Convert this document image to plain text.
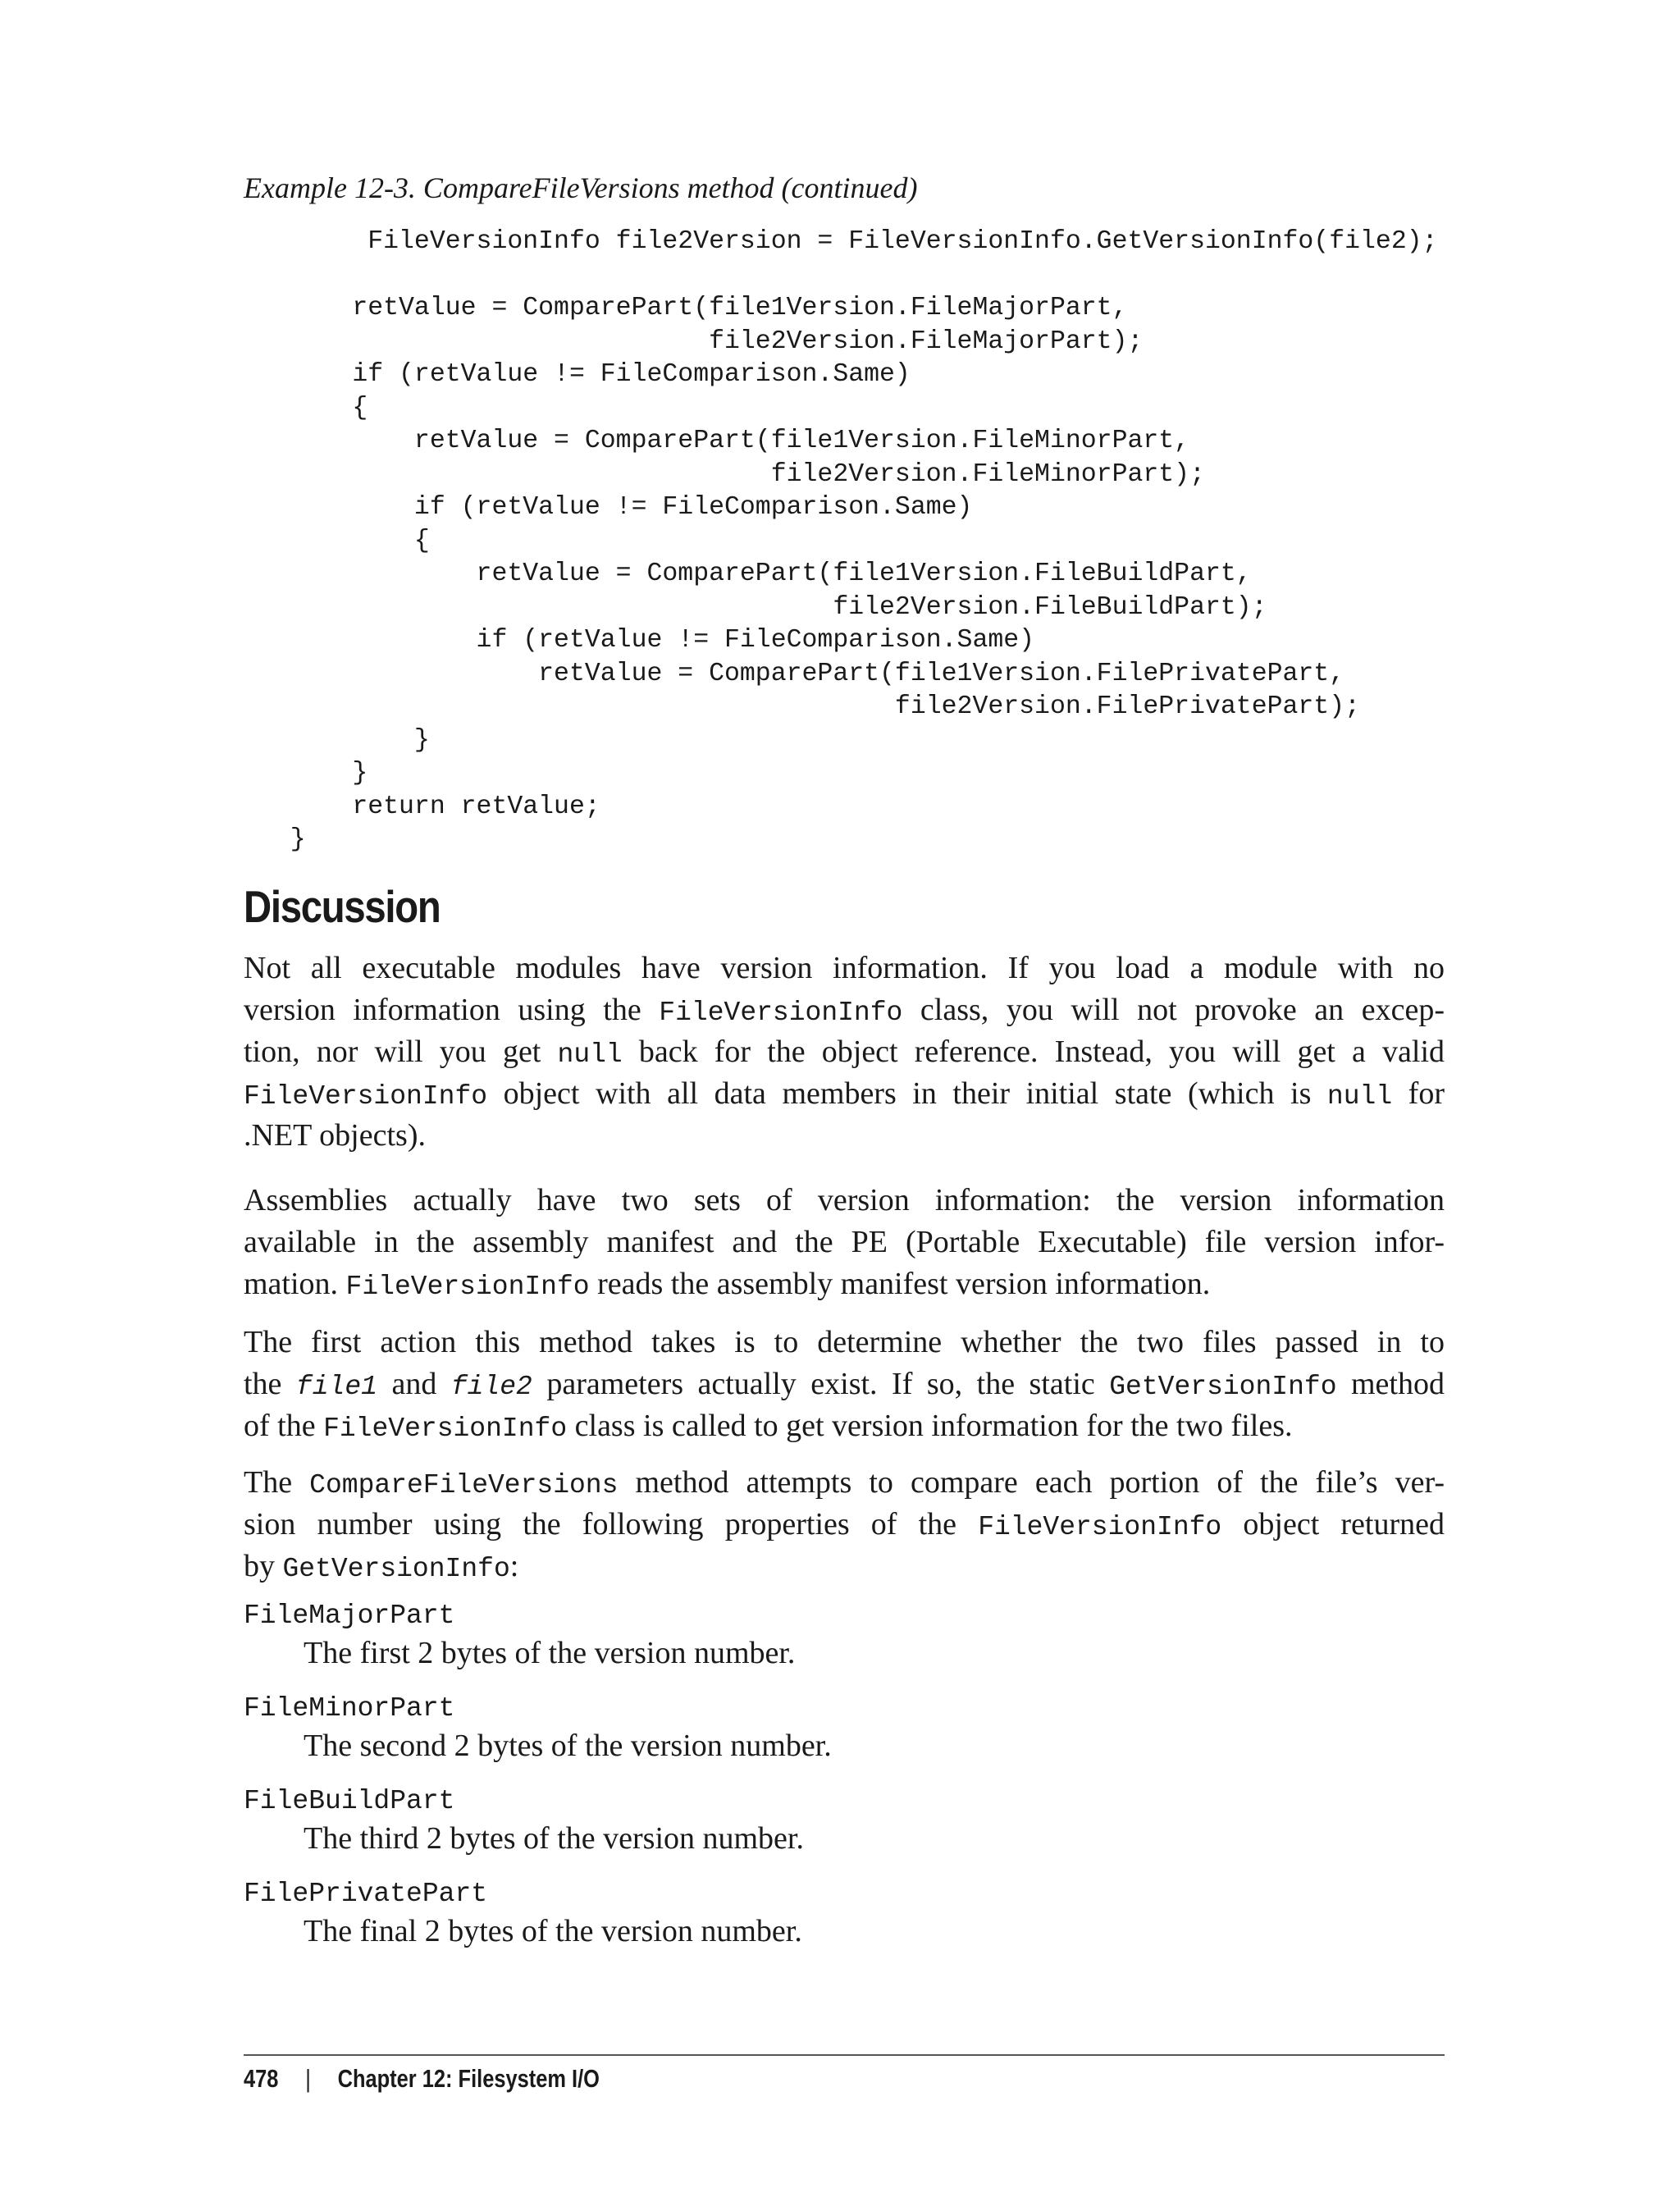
Example 12-3. CompareFileVersions method (continued)
FileVersionInfo file2Version = FileVersionInfo.GetVersionInfo(file2);
retValue = ComparePart(file1Version.FileMajorPart,
file2Version.FileMajorPart);
if (retValue != FileComparison.Same)
{
retValue = ComparePart(file1Version.FileMinorPart,
file2Version.FileMinorPart);
if (retValue != FileComparison.Same)
{
retValue = ComparePart(file1Version.FileBuildPart,
file2Version.FileBuildPart);
if (retValue != FileComparison.Same)
retValue = ComparePart(file1Version.FilePrivatePart,
file2Version.FilePrivatePart);
}
}
return retValue;
}
Discussion

Not all executable modules have version information. If you load a module with no
version information using the FileVersionInfo class, you will not provoke an excep-
tion, nor will you get null back for the object reference. Instead, you will get a valid
FileVersionInfo object with all data members in their initial state (which is null for
.NET objects).

Assemblies actually have two sets of version information: the version information
available in the assembly manifest and the PE (Portable Executable) file version infor-
mation. FileVersionInfo reads the assembly manifest version information.

The first action this method takes is to determine whether the two files passed in to
the file1 and file2 parameters actually exist. If so, the static GetVersionInfo method
of the FileVersionInfo class is called to get version information for the two files.

The CompareFileVersions method attempts to compare each portion of the file’s ver-
sion number using the following properties of the FileVersionInfo object returned
by GetVersionInfo:

FileMajorPart
The first 2 bytes of the version number.
FileMinorPart
The second 2 bytes of the version number.
FileBuildPart
The third 2 bytes of the version number.
FilePrivatePart
The final 2 bytes of the version number.
478 | Chapter 12: Filesystem I/O
